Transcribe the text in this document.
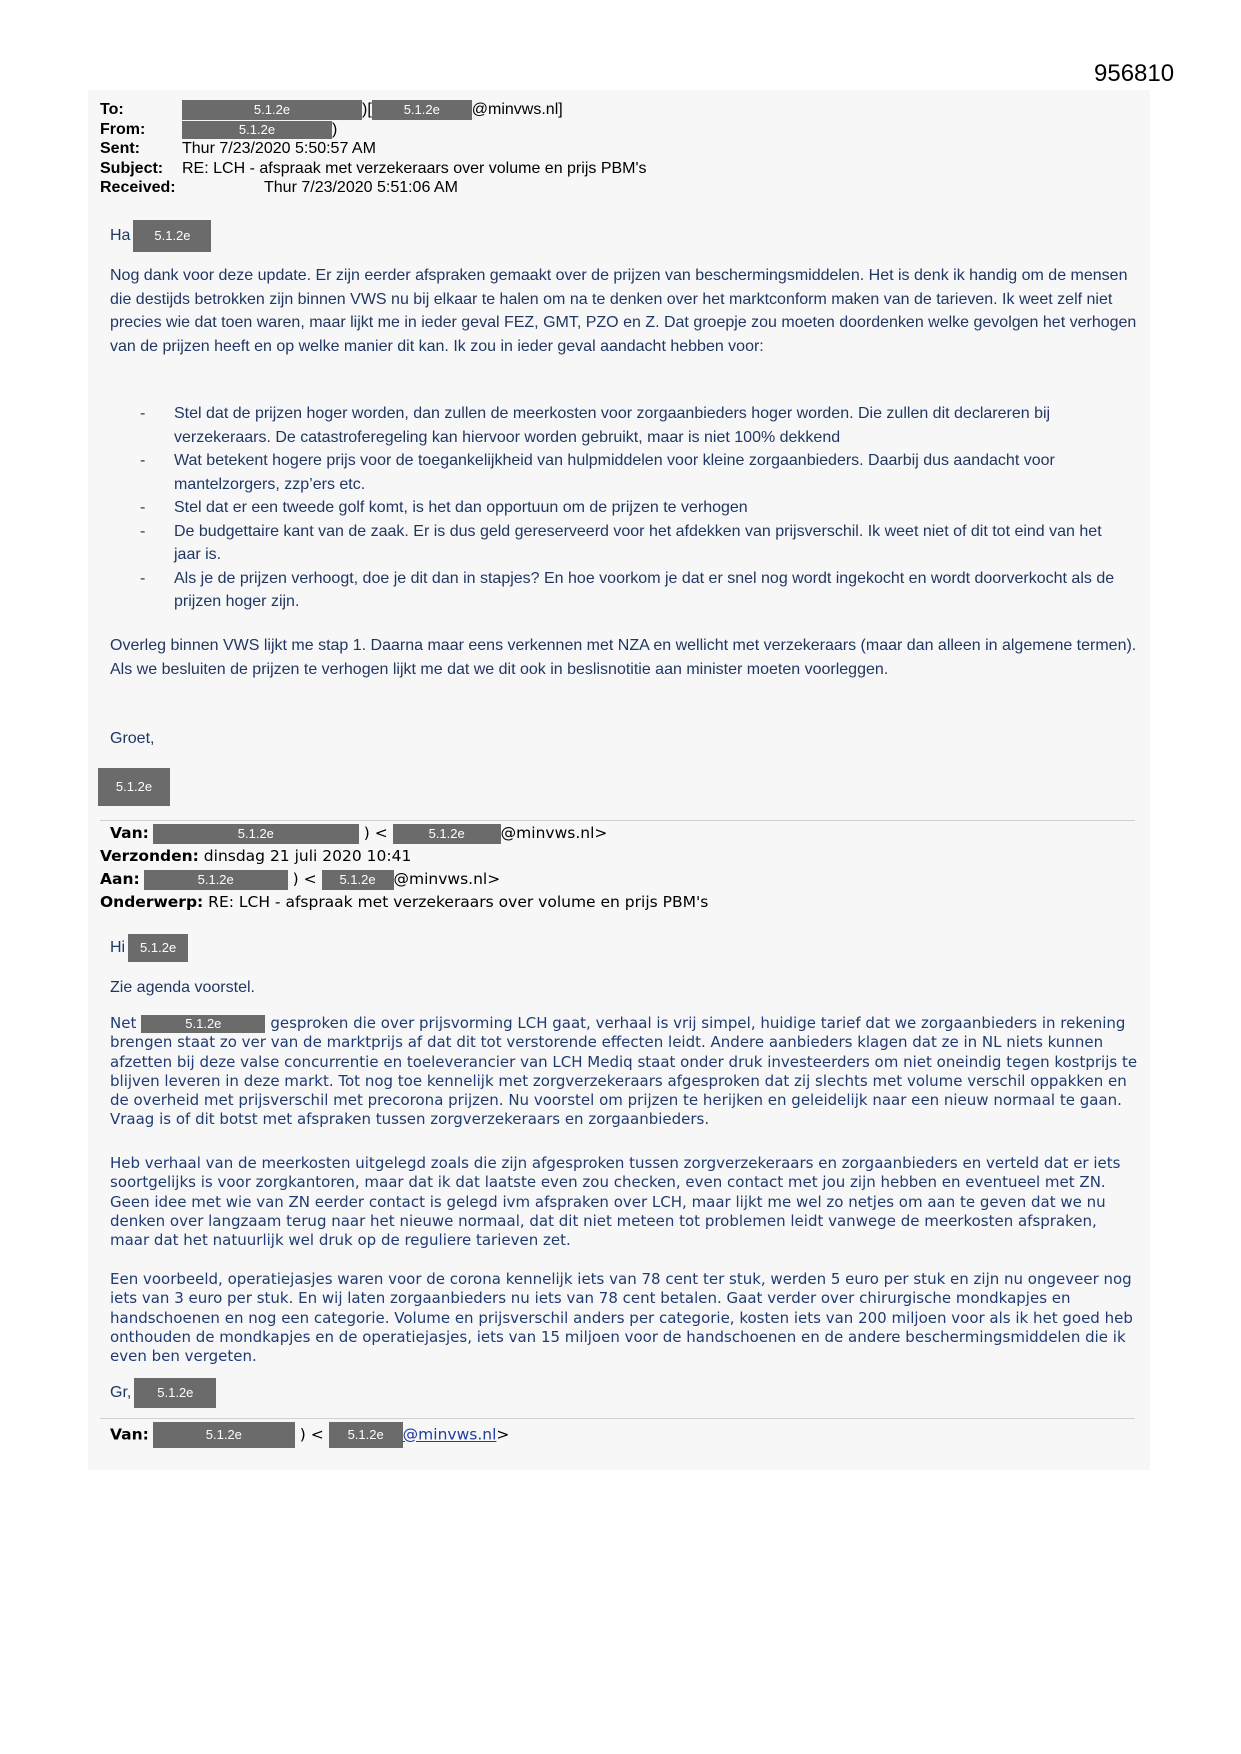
956810
To:	5.1.2e	)[ 5.1.2e @minvws.nl]
From:	5.1.2e	)
Sent:	Thur 7/23/2020 5:50:57 AM
Subject: RE: LCH - afspraak met verzekeraars over volume en prijs PBM's
Received:	Thur 7/23/2020 5:51:06 AM
Ha 5.1.2e
Nog dank voor deze update. Er zijn eerder afspraken gemaakt over de prijzen van beschermingsmiddelen. Het is denk ik handig om de mensen die destijds betrokken zijn binnen VWS nu bij elkaar te halen om na te denken over het marktconform maken van de tarieven. Ik weet zelf niet precies wie dat toen waren, maar lijkt me in ieder geval FEZ, GMT, PZO en Z. Dat groepje zou moeten doordenken welke gevolgen het verhogen van de prijzen heeft en op welke manier dit kan. Ik zou in ieder geval aandacht hebben voor:
- Stel dat de prijzen hoger worden, dan zullen de meerkosten voor zorgaanbieders hoger worden. Die zullen dit declareren bij verzekeraars. De catastroferegeling kan hiervoor worden gebruikt, maar is niet 100% dekkend
- Wat betekent hogere prijs voor de toegankelijkheid van hulpmiddelen voor kleine zorgaanbieders. Daarbij dus aandacht voor mantelzorgers, zzp’ers etc.
- Stel dat er een tweede golf komt, is het dan opportuun om de prijzen te verhogen
- De budgettaire kant van de zaak. Er is dus geld gereserveerd voor het afdekken van prijsverschil. Ik weet niet of dit tot eind van het jaar is.
- Als je de prijzen verhoogt, doe je dit dan in stapjes? En hoe voorkom je dat er snel nog wordt ingekocht en wordt doorverkocht als de prijzen hoger zijn.
Overleg binnen VWS lijkt me stap 1. Daarna maar eens verkennen met NZA en wellicht met verzekeraars (maar dan alleen in algemene termen). Als we besluiten de prijzen te verhogen lijkt me dat we dit ook in beslisnotitie aan minister moeten voorleggen.
Groet,
5.1.2e
Van:	5.1.2e	) <	5.1.2e @minvws.nl>
Verzonden: dinsdag 21 juli 2020 10:41
Aan:	5.1.2e	) < 5.1.2e @minvws.nl>
Onderwerp: RE: LCH - afspraak met verzekeraars over volume en prijs PBM's
Hi 5.1.2e
Zie agenda voorstel.
Net	5.1.2e	gesproken die over prijsvorming LCH gaat, verhaal is vrij simpel, huidige tarief dat we zorgaanbieders in rekening brengen staat zo ver van de marktprijs af dat dit tot verstorende effecten leidt. Andere aanbieders klagen dat ze in NL niets kunnen afzetten bij deze valse concurrentie en toeleverancier van LCH Mediq staat onder druk investeerders om niet oneindig tegen kostprijs te blijven leveren in deze markt. Tot nog toe kennelijk met zorgverzekeraars afgesproken dat zij slechts met volume verschil oppakken en de overheid met prijsverschil met precorona prijzen. Nu voorstel om prijzen te herijken en geleidelijk naar een nieuw normaal te gaan. Vraag is of dit botst met afspraken tussen zorgverzekeraars en zorgaanbieders.
Heb verhaal van de meerkosten uitgelegd zoals die zijn afgesproken tussen zorgverzekeraars en zorgaanbieders en verteld dat er iets soortgelijks is voor zorgkantoren, maar dat ik dat laatste even zou checken, even contact met jou zijn hebben en eventueel met ZN. Geen idee met wie van ZN eerder contact is gelegd ivm afspraken over LCH, maar lijkt me wel zo netjes om aan te geven dat we nu denken over langzaam terug naar het nieuwe normaal, dat dit niet meteen tot problemen leidt vanwege de meerkosten afspraken, maar dat het natuurlijk wel druk op de reguliere tarieven zet.
Een voorbeeld, operatiejasjes waren voor de corona kennelijk iets van 78 cent ter stuk, werden 5 euro per stuk en zijn nu ongeveer nog iets van 3 euro per stuk. En wij laten zorgaanbieders nu iets van 78 cent betalen. Gaat verder over chirurgische mondkapjes en handschoenen en nog een categorie. Volume en prijsverschil anders per categorie, kosten iets van 200 miljoen voor als ik het goed heb onthouden de mondkapjes en de operatiejasjes, iets van 15 miljoen voor de handschoenen en de andere beschermingsmiddelen die ik even ben vergeten.
Gr, 5.1.2e
Van:	5.1.2e	) < 5.1.2e @minvws.nl>
